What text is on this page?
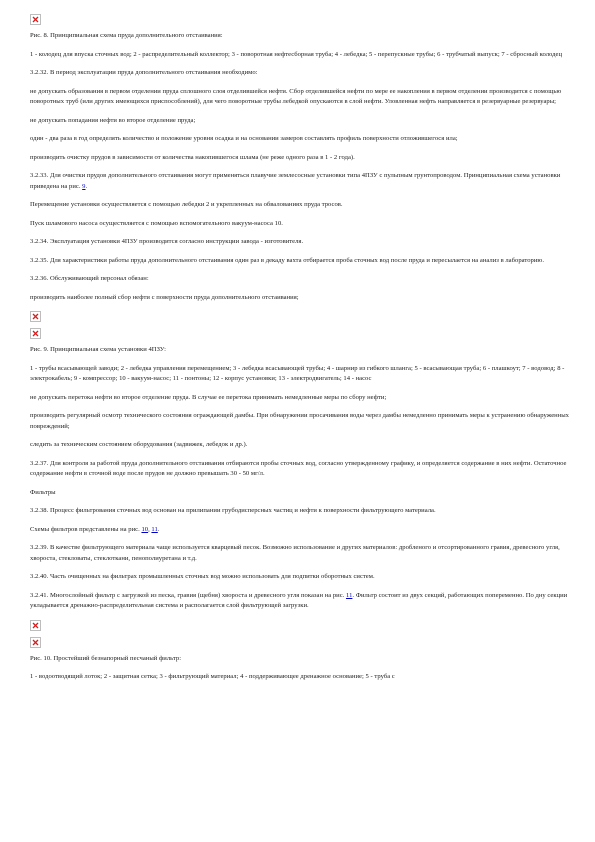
Рис. 8. Принципиальная схема пруда дополнительного отстаивания:

1 - колодец для впуска сточных вод; 2 - распределительный коллектор; 3 - поворотная нефтесборная труба; 4 - лебедка; 5 - перепускные трубы; 6 - трубчатый выпуск; 7 - сбросный колодец

3.2.32. В период эксплуатации пруда дополнительного отстаивания необходимо:

не допускать образования в первом отделении пруда сплошного слоя отделившейся нефти. Сбор отделившейся нефти по мере ее накопления в первом отделении производится с помощью поворотных труб (или других имеющихся приспособлений), для чего поворотные трубы лебедкой опускаются в слой нефти. Уловленная нефть направляется в резервуарные резервуары;

не допускать попадания нефти во второе отделение пруда;

один - два раза в год определять количество и положение уровня осадка и на основании замеров составлять профиль поверхности отложившегося ила;

производить очистку прудов в зависимости от количества накопившегося шлама (не реже одного раза в 1 - 2 года).

3.2.33. Для очистки прудов дополнительного отстаивания могут применяться плавучие землесосные установки типа 4ПЗУ с пульпным грунтопроводом. Принципиальная схема установки приведена на рис. 9.

Перемещение установки осуществляется с помощью лебедки 2 и укрепленных на обвалованиях пруда тросов.

Пуск шламового насоса осуществляется с помощью вспомогательного вакуум-насоса 10.

3.2.34. Эксплуатация установки 4ПЗУ производится согласно инструкции завода - изготовителя.

3.2.35. Для характеристики работы пруда дополнительного отстаивания один раз в декаду вахта отбирается проба сточных вод после пруда и пересылается на анализ в лабораторию.

3.2.36. Обслуживающий персонал обязан:

производить наиболее полный сбор нефти с поверхности пруда дополнительного отстаивания;

Рис. 9. Принципиальная схема установки 4ПЗУ:

1 - трубы всасывающей заводи; 2 - лебедка управления перемещением; 3 - лебедка всасывающей трубы; 4 - шарнир из гибкого шланга; 5 - всасывающая труба; 6 - плашкоут; 7 - водовод; 8 - электрокабель; 9 - компрессор; 10 - вакуум-насос; 11 - понтоны; 12 - корпус установки; 13 - электродвигатель; 14 - насос

не допускать перетока нефти во второе отделение пруда. В случае ее перетока принимать немедленные меры по сбору нефти;

производить регулярный осмотр технического состояния ограждающей дамбы. При обнаружении просачивания воды через дамбы немедленно принимать меры к устранению обнаруженных повреждений;

следить за техническим состоянием оборудования (задвижек, лебедок и др.).

3.2.37. Для контроля за работой пруда дополнительного отстаивания отбираются пробы сточных вод, согласно утвержденному графику, и определяется содержание в них нефти. Остаточное содержание нефти в сточной воде после прудов не должно превышать 30 - 50 мг/л.

Фильтры

3.2.38. Процесс фильтрования сточных вод основан на прилипании грубодисперсных частиц и нефти к поверхности фильтрующего материала.

Схемы фильтров представлены на рис. 10, 11.

3.2.39. В качестве фильтрующего материала чаще используется кварцевый песок. Возможно использование и других материалов: дробленого и отсортированного гравия, древесного угля, хворостa, стекловаты, стеклоткани, пенополиуретана и т.д.

3.2.40. Часть очищенных на фильтрах промышленных сточных вод можно использовать для подпитки оборотных систем.

3.2.41. Многослойный фильтр с загрузкой из песка, гравия (щебня) хворостa и древесного угля показан на рис. 11. Фильтр состоит из двух секций, работающих попеременно. По дну секции укладывается дренажно-распределительная система и располагается слой фильтрующей загрузки.

Рис. 10. Простейший безнапорный песчаный фильтр:

1 - водоотводящий лоток; 2 - защитная сетка; 3 - фильтрующий материал; 4 - поддерживающее дренажное основание; 5 - труба с
